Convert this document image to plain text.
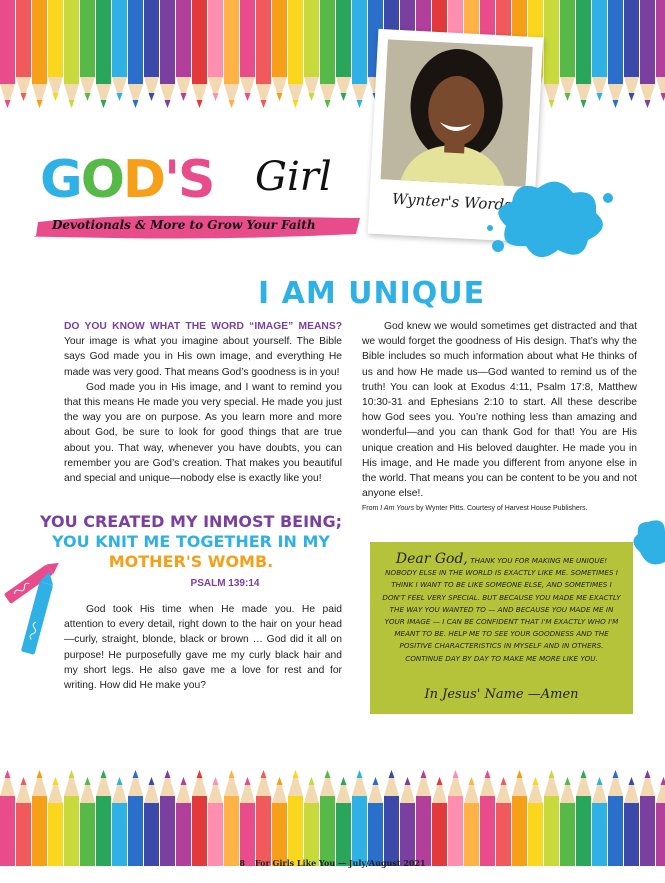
GOD'S Girl
Devotionals & More to Grow Your Faith
Wynter's Words
I AM UNIQUE

DO YOU KNOW WHAT THE WORD “IMAGE” MEANS? Your image is what you imagine about yourself. The Bible says God made you in His own image, and everything He made was very good. That means God’s goodness is in you!

God made you in His image, and I want to remind you that this means He made you very special. He made you just the way you are on purpose. As you learn more and more about God, be sure to look for good things that are true about you. That way, whenever you have doubts, you can remember you are God’s creation. That makes you beautiful and special and unique—nobody else is exactly like you!

YOU CREATED MY INMOST BEING;
YOU KNIT ME TOGETHER IN MY
MOTHER'S WOMB.
PSALM 139:14

God took His time when He made you. He paid attention to every detail, right down to the hair on your head—curly, straight, blonde, black or brown … God did it all on purpose! He purposefully gave me my curly black hair and my short legs. He also gave me a love for rest and for writing. How did He make you?

God knew we would sometimes get distracted and that we would forget the goodness of His design. That’s why the Bible includes so much information about what He thinks of us and how He made us—God wanted to remind us of the truth! You can look at Exodus 4:11, Psalm 17:8, Matthew 10:30-31 and Ephesians 2:10 to start. All these describe how God sees you. You’re nothing less than amazing and wonderful—and you can thank God for that! You are His unique creation and His beloved daughter. He made you in His image, and He made you different from anyone else in the world. That means you can be content to be you and not anyone else!.

From I Am Yours by Wynter Pitts. Courtesy of Harvest House Publishers.

Dear God, THANK YOU FOR MAKING ME UNIQUE! NOBODY ELSE IN THE WORLD IS EXACTLY LIKE ME. SOMETIMES I THINK I WANT TO BE LIKE SOMEONE ELSE, AND SOMETIMES I DON'T FEEL VERY SPECIAL. BUT BECAUSE YOU MADE ME EXACTLY THE WAY YOU WANTED TO — AND BECAUSE YOU MADE ME IN YOUR IMAGE — I CAN BE CONFIDENT THAT I'M EXACTLY WHO I'M MEANT TO BE. HELP ME TO SEE YOUR GOODNESS AND THE POSITIVE CHARACTERISTICS IN MYSELF AND IN OTHERS. CONTINUE DAY BY DAY TO MAKE ME MORE LIKE YOU.
In Jesus' Name —Amen
8★ For Girls Like You — July/August 2021
